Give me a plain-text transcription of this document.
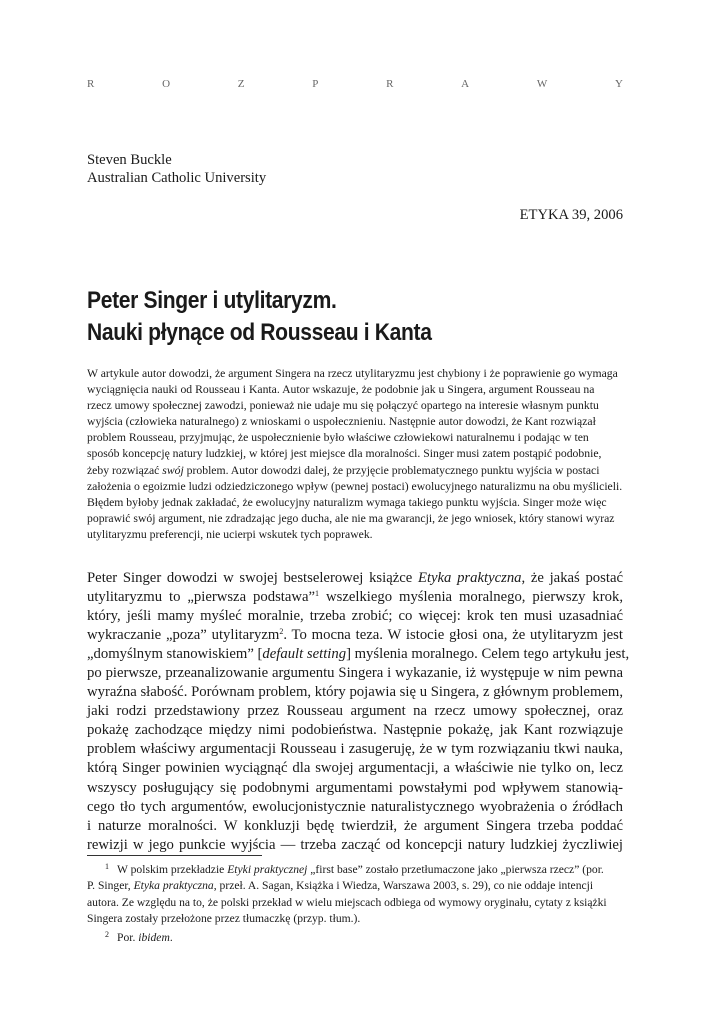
R	O	Z	P	R	A	W	Y
Steven Buckle
Australian Catholic University
ETYKA 39, 2006
Peter Singer i utylitaryzm.
Nauki płynące od Rousseau i Kanta
W artykule autor dowodzi, że argument Singera na rzecz utylitaryzmu jest chybiony i że poprawienie go wymaga
wyciągnięcia nauki od Rousseau i Kanta. Autor wskazuje, że podobnie jak u Singera, argument Rousseau na
rzecz umowy społecznej zawodzi, ponieważ nie udaje mu się połączyć opartego na interesie własnym punktu
wyjścia (człowieka naturalnego) z wnioskami o uspołecznieniu. Następnie autor dowodzi, że Kant rozwiązał
problem Rousseau, przyjmując, że uspołecznienie było właściwe człowiekowi naturalnemu i podając w ten
sposób koncepcję natury ludzkiej, w której jest miejsce dla moralności. Singer musi zatem postąpić podobnie,
żeby rozwiązać swój problem. Autor dowodzi dalej, że przyjęcie problematycznego punktu wyjścia w postaci
założenia o egoizmie ludzi odziedziczonego wpływ (pewnej postaci) ewolucyjnego naturalizmu na obu myślicieli.
Błędem byłoby jednak zakładać, że ewolucyjny naturalizm wymaga takiego punktu wyjścia. Singer może więc
poprawić swój argument, nie zdradzając jego ducha, ale nie ma gwarancji, że jego wniosek, który stanowi wyraz
utylitaryzmu preferencji, nie ucierpi wskutek tych poprawek.
Peter Singer dowodzi w swojej bestselerowej książce Etyka praktyczna, że jakaś postać
utylitaryzmu to „pierwsza podstawa”$^1$ wszelkiego myślenia moralnego, pierwszy krok,
który, jeśli mamy myśleć moralnie, trzeba zrobić; co więcej: krok ten musi uzasadniać
wykraczanie „poza” utylitaryzm$^2$. To mocna teza. W istocie głosi ona, że utylitaryzm jest
„domyślnym stanowiskiem” [default setting] myślenia moralnego. Celem tego artykułu jest,
po pierwsze, przeanalizowanie argumentu Singera i wykazanie, iż występuje w nim pewna
wyraźna słabość. Porównam problem, który pojawia się u Singera, z głównym problemem,
jaki rodzi przedstawiony przez Rousseau argument na rzecz umowy społecznej, oraz
pokażę zachodzące między nimi podobieństwa. Następnie pokażę, jak Kant rozwiązuje
problem właściwy argumentacji Rousseau i zasugeruję, że w tym rozwiązaniu tkwi nauka,
którą Singer powinien wyciągnąć dla swojej argumentacji, a właściwie nie tylko on, lecz
wszyscy posługujący się podobnymi argumentami powstałymi pod wpływem stanowią-
cego tło tych argumentów, ewolucjonistycznie naturalistycznego wyobrażenia o źródłach
i naturze moralności. W konkluzji będę twierdził, że argument Singera trzeba poddać
rewizji w jego punkcie wyjścia — trzeba zacząć od koncepcji natury ludzkiej życzliwiej
$^1$ W polskim przekładzie Etyki praktycznej „first base” zostało przetłumaczone jako „pierwsza rzecz” (por.
P. Singer, Etyka praktyczna, przeł. A. Sagan, Książka i Wiedza, Warszawa 2003, s. 29), co nie oddaje intencji
autora. Ze względu na to, że polski przekład w wielu miejscach odbiega od wymowy oryginału, cytaty z książki
Singera zostały przełożone przez tłumaczkę (przyp. tłum.).
$^2$ Por. ibidem.
